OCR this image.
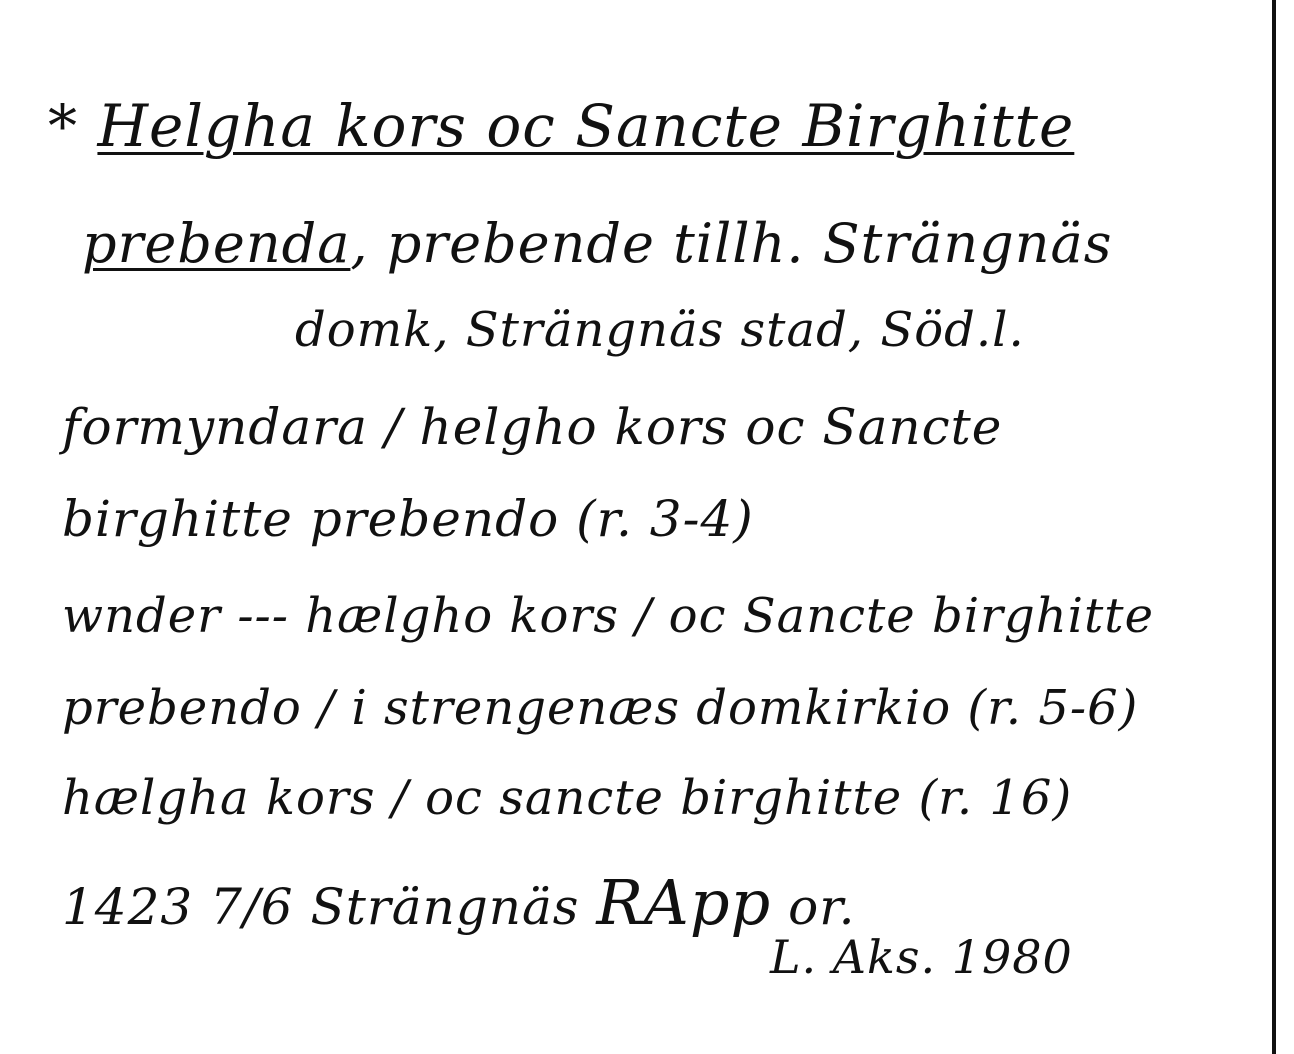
* Helgha kors oc Sancte Birghitte
prebenda, prebende tillh. Strängnäs
domk, Strängnäs stad, Söd.l.
formyndara / helgho kors oc Sancte
birghitte prebendo (r. 3-4)
wnder --- hælgho kors / oc Sancte birghitte
prebendo / i strengenæs domkirkio (r. 5-6)
hælgha kors / oc sancte birghitte (r. 16)
1423 7/6 Strängnäs RApp or.
L. Aks. 1980
